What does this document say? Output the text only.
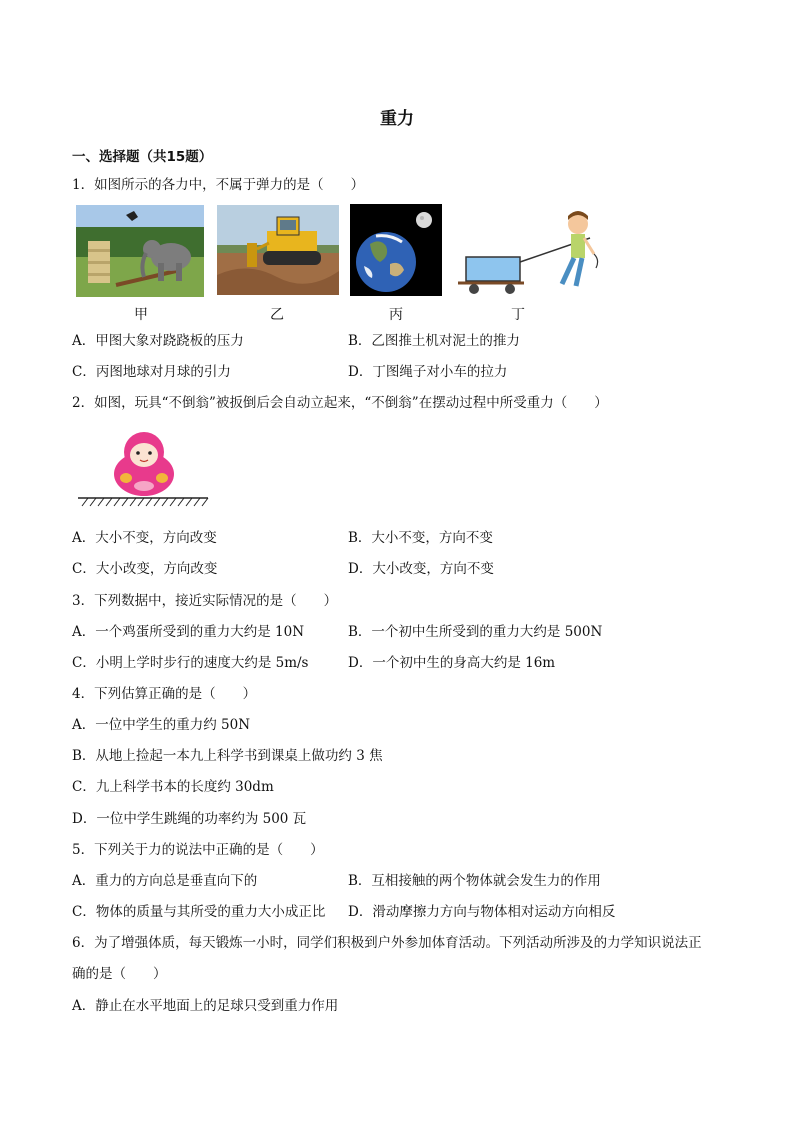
重力
一、选择题（共15题）
1．如图所示的各力中，不属于弹力的是（　　）
甲	乙	丙	丁
A．甲图大象对跷跷板的压力	B．乙图推土机对泥土的推力
C．丙图地球对月球的引力	D．丁图绳子对小车的拉力
2．如图，玩具“不倒翁”被扳倒后会自动立起来，“不倒翁”在摆动过程中所受重力（　　）
A．大小不变，方向改变	B．大小不变，方向不变
C．大小改变，方向改变	D．大小改变，方向不变
3．下列数据中，接近实际情况的是（　　）
A．一个鸡蛋所受到的重力大约是 10N	B．一个初中生所受到的重力大约是 500N
C．小明上学时步行的速度大约是 5m/s	D．一个初中生的身高大约是 16m
4．下列估算正确的是（　　）
A．一位中学生的重力约 50N
B．从地上捡起一本九上科学书到课桌上做功约 3 焦
C．九上科学书本的长度约 30dm
D．一位中学生跳绳的功率约为 500 瓦
5．下列关于力的说法中正确的是（　　）
A．重力的方向总是垂直向下的	B．互相接触的两个物体就会发生力的作用
C．物体的质量与其所受的重力大小成正比 D．滑动摩擦力方向与物体相对运动方向相反
6．为了增强体质，每天锻炼一小时，同学们积极到户外参加体育活动。下列活动所涉及的力学知识说法正
确的是（　　）
A．静止在水平地面上的足球只受到重力作用
